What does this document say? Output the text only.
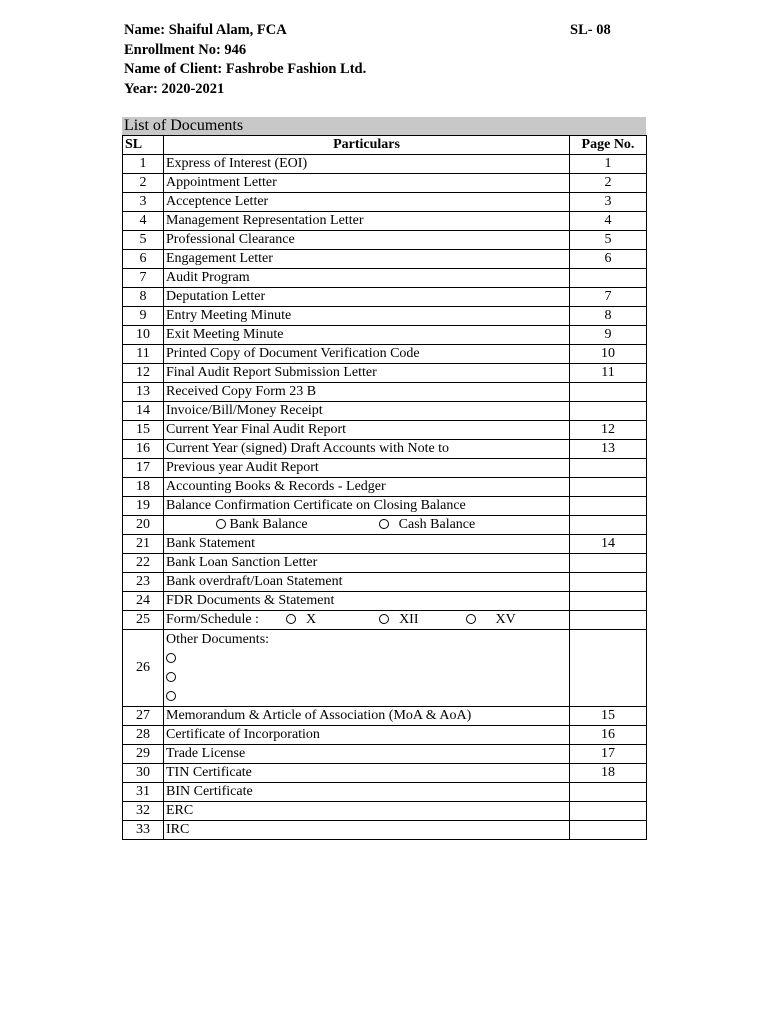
Name: Shaiful Alam, FCA
Enrollment No: 946
Name of Client: Fashrobe Fashion Ltd.
Year: 2020-2021
SL- 08
List of Documents
SL	Particulars	Page No.
1	Express of Interest (EOI)	1
2	Appointment Letter	2
3	Acceptence Letter	3
4	Management Representation Letter	4
5	Professional Clearance	5
6	Engagement Letter	6
7	Audit Program	
8	Deputation Letter	7
9	Entry Meeting Minute	8
10	Exit Meeting Minute	9
11	Printed Copy of Document Verification Code	10
12	Final Audit Report Submission Letter	11
13	Received Copy Form 23 B	
14	Invoice/Bill/Money Receipt	
15	Current Year Final Audit Report	12
16	Current Year (signed) Draft Accounts with Note to	13
17	Previous year Audit Report	
18	Accounting Books & Records - Ledger	
19	Balance Confirmation Certificate on Closing Balance	

20	Bank Balance Cash Balance	
21	Bank Statement	14
22	Bank Loan Sanction Letter	
23	Bank overdraft/Loan Statement	
24	FDR Documents & Statement	
25	Form/Schedule : X XII XV	
26	Other Documents:	

27	Memorandum & Article of Association (MoA & AoA)	15
28	Certificate of Incorporation	16
29	Trade License	17
30	TIN Certificate	18
31	BIN Certificate	
32	ERC	
33	IRC	
